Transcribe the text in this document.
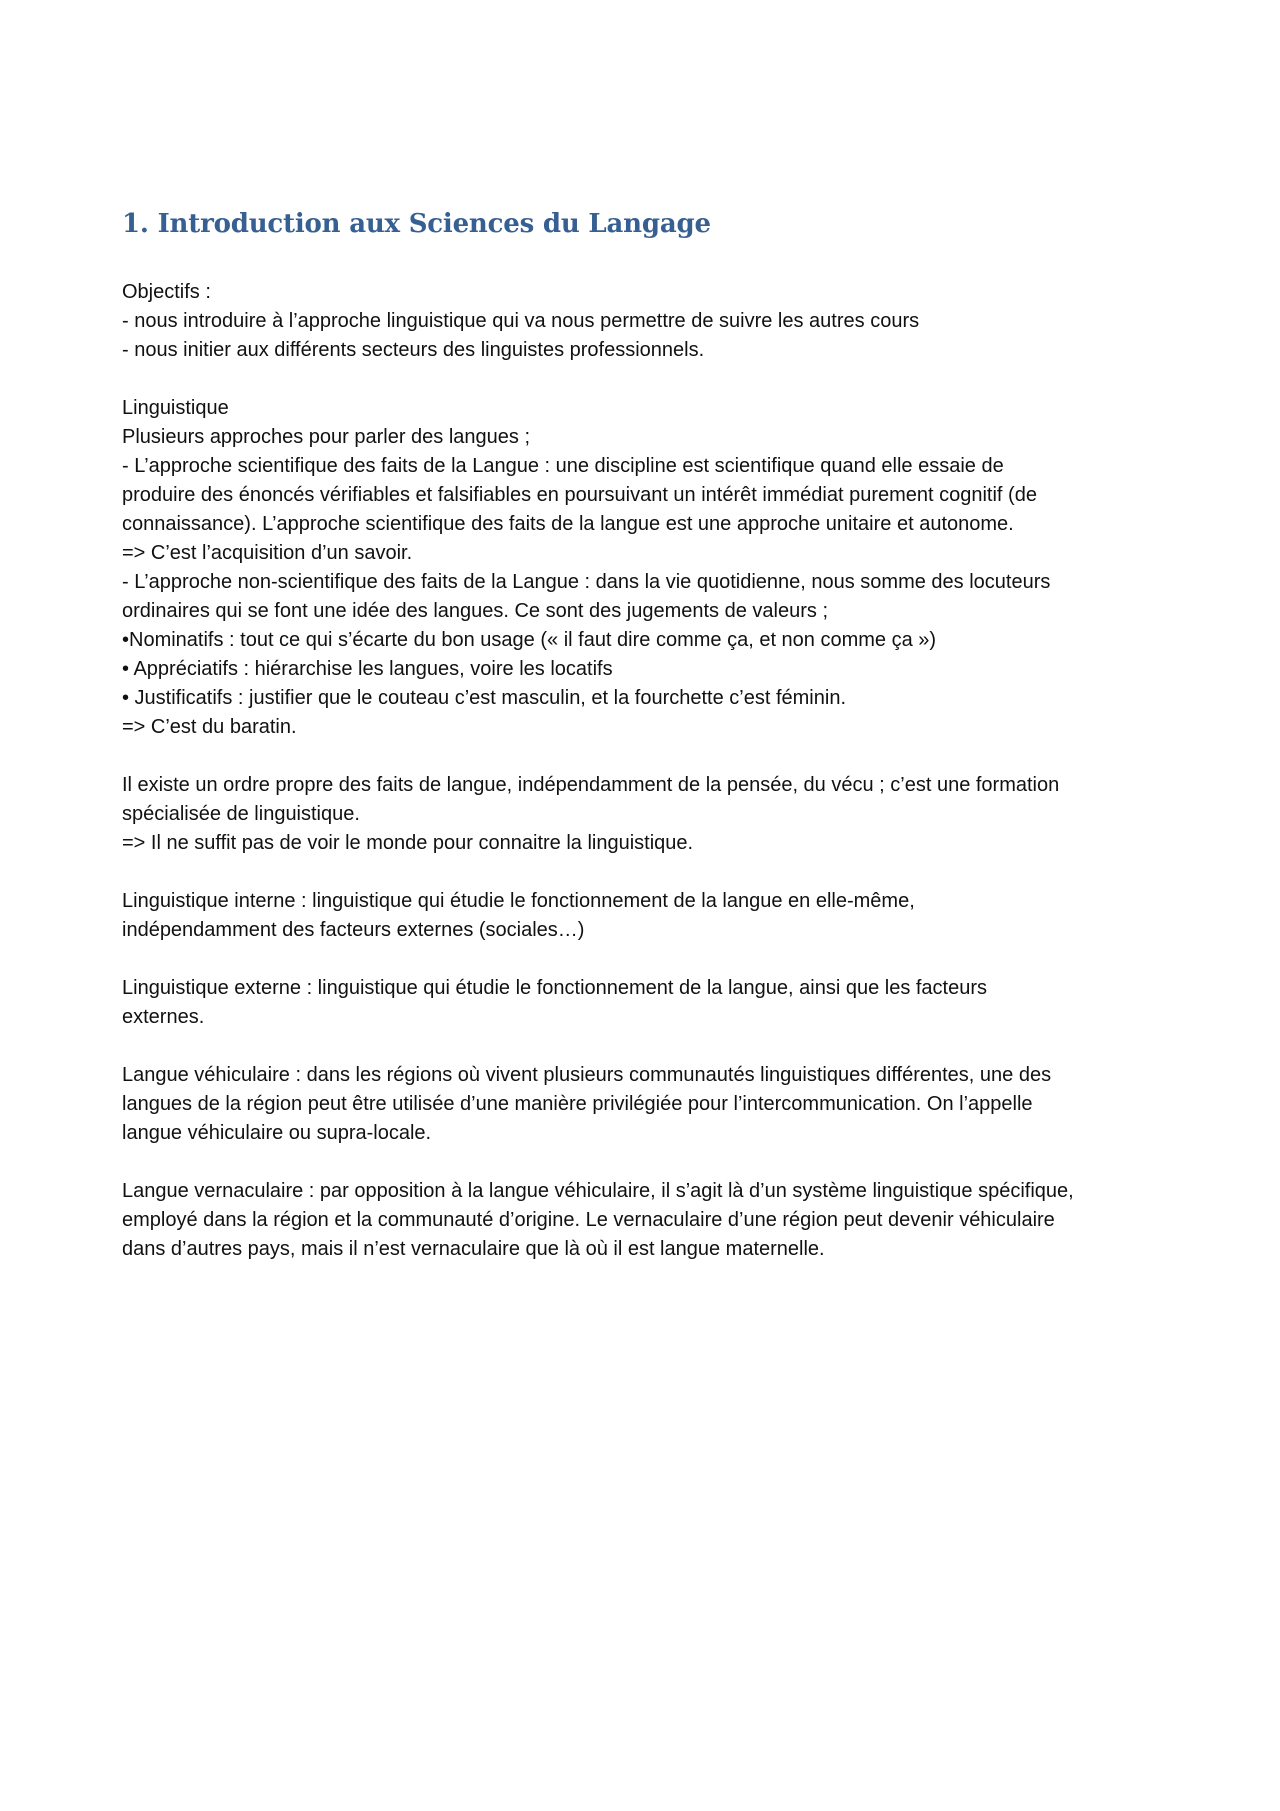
1. Introduction aux Sciences du Langage

Objectifs :
- nous introduire à l’approche linguistique qui va nous permettre de suivre les autres cours
- nous initier aux différents secteurs des linguistes professionnels.

Linguistique
Plusieurs approches pour parler des langues ;
- L’approche scientifique des faits de la Langue : une discipline est scientifique quand elle essaie de
produire des énoncés vérifiables et falsifiables en poursuivant un intérêt immédiat purement cognitif (de
connaissance). L’approche scientifique des faits de la langue est une approche unitaire et autonome.
=> C’est l’acquisition d’un savoir.
- L’approche non-scientifique des faits de la Langue : dans la vie quotidienne, nous somme des locuteurs
ordinaires qui se font une idée des langues. Ce sont des jugements de valeurs ;
•Nominatifs : tout ce qui s’écarte du bon usage (« il faut dire comme ça, et non comme ça »)
• Appréciatifs : hiérarchise les langues, voire les locatifs
• Justificatifs : justifier que le couteau c’est masculin, et la fourchette c’est féminin.
=> C’est du baratin.

Il existe un ordre propre des faits de langue, indépendamment de la pensée, du vécu ; c’est une formation
spécialisée de linguistique.
=> Il ne suffit pas de voir le monde pour connaitre la linguistique.

Linguistique interne : linguistique qui étudie le fonctionnement de la langue en elle-même,
indépendamment des facteurs externes (sociales…)

Linguistique externe : linguistique qui étudie le fonctionnement de la langue, ainsi que les facteurs
externes.

Langue véhiculaire : dans les régions où vivent plusieurs communautés linguistiques différentes, une des
langues de la région peut être utilisée d’une manière privilégiée pour l’intercommunication. On l’appelle
langue véhiculaire ou supra-locale.

Langue vernaculaire : par opposition à la langue véhiculaire, il s’agit là d’un système linguistique spécifique,
employé dans la région et la communauté d’origine. Le vernaculaire d’une région peut devenir véhiculaire
dans d’autres pays, mais il n’est vernaculaire que là où il est langue maternelle.
